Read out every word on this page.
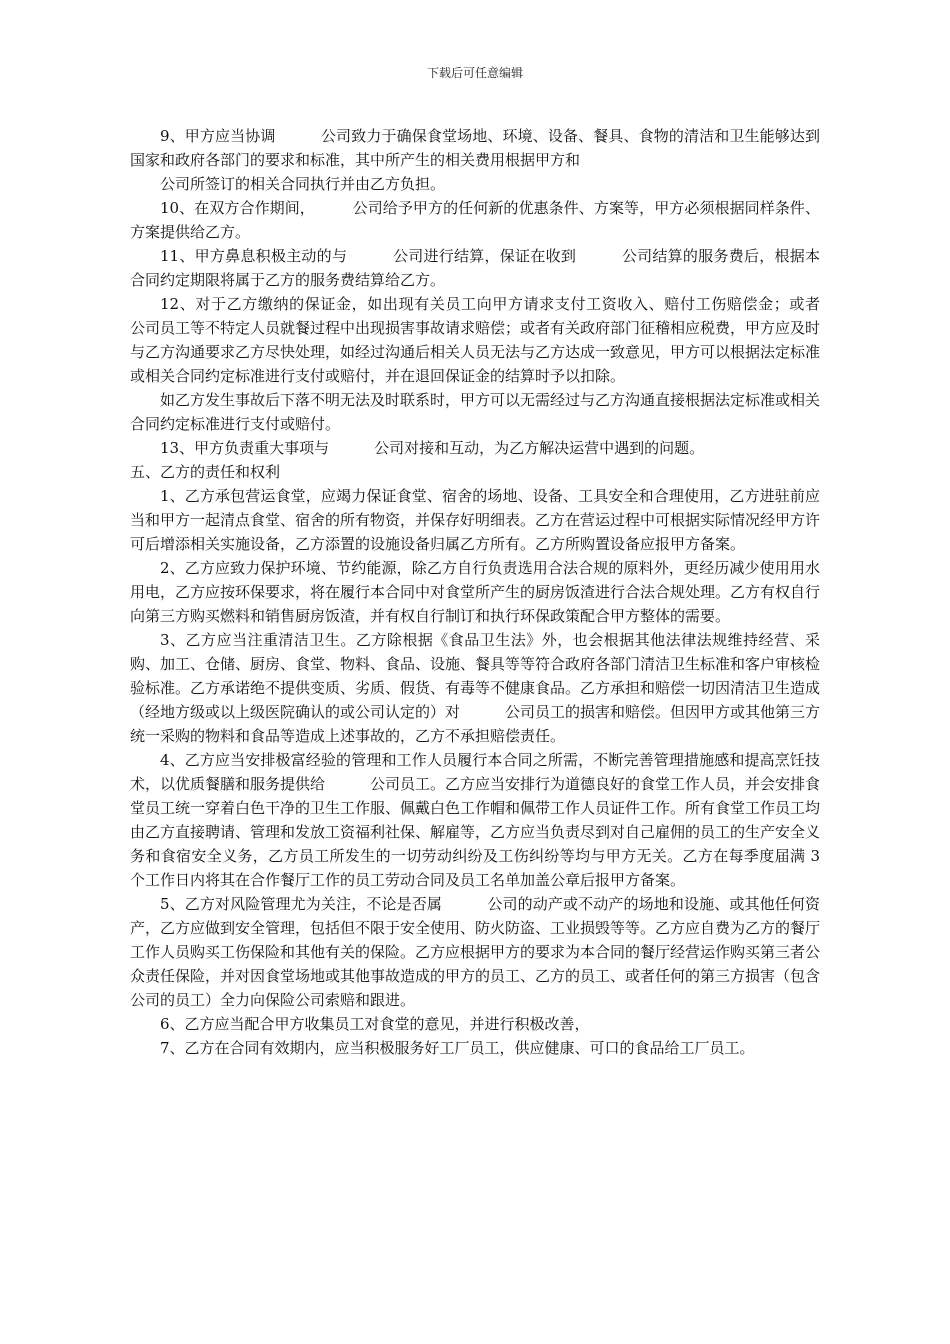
下载后可任意编辑

9、甲方应当协调　　　公司致力于确保食堂场地、环境、设备、餐具、食物的清洁和卫生能够达到国家和政府各部门的要求和标准，其中所产生的相关费用根据甲方和

公司所签订的相关合同执行并由乙方负担。

10、在双方合作期间，　　　公司给予甲方的任何新的优惠条件、方案等，甲方必须根据同样条件、方案提供给乙方。

11、甲方鼻息积极主动的与　　　公司进行结算，保证在收到　　　公司结算的服务费后，根据本合同约定期限将属于乙方的服务费结算给乙方。

12、对于乙方缴纳的保证金，如出现有关员工向甲方请求支付工资收入、赔付工伤赔偿金；或者　　　公司员工等不特定人员就餐过程中出现损害事故请求赔偿；或者有关政府部门征稽相应税费，甲方应及时与乙方沟通要求乙方尽快处理，如经过沟通后相关人员无法与乙方达成一致意见，甲方可以根据法定标准或相关合同约定标准进行支付或赔付，并在退回保证金的结算时予以扣除。

如乙方发生事故后下落不明无法及时联系时，甲方可以无需经过与乙方沟通直接根据法定标准或相关合同约定标准进行支付或赔付。

13、甲方负责重大事项与　　　公司对接和互动，为乙方解决运营中遇到的问题。

五、乙方的责任和权利

1、乙方承包营运食堂，应竭力保证食堂、宿舍的场地、设备、工具安全和合理使用，乙方进驻前应当和甲方一起清点食堂、宿舍的所有物资，并保存好明细表。乙方在营运过程中可根据实际情况经甲方许可后增添相关实施设备，乙方添置的设施设备归属乙方所有。乙方所购置设备应报甲方备案。

2、乙方应致力保护环境、节约能源，除乙方自行负责选用合法合规的原料外，更经历减少使用用水用电，乙方应按环保要求，将在履行本合同中对食堂所产生的厨房饭渣进行合法合规处理。乙方有权自行向第三方购买燃料和销售厨房饭渣，并有权自行制订和执行环保政策配合甲方整体的需要。

3、乙方应当注重清洁卫生。乙方除根据《食品卫生法》外，也会根据其他法律法规维持经营、采购、加工、仓储、厨房、食堂、物料、食品、设施、餐具等等符合政府各部门清洁卫生标准和客户审核检验标准。乙方承诺绝不提供变质、劣质、假货、有毒等不健康食品。乙方承担和赔偿一切因清洁卫生造成（经地方级或以上级医院确认的或公司认定的）对　　　公司员工的损害和赔偿。但因甲方或其他第三方统一采购的物料和食品等造成上述事故的，乙方不承担赔偿责任。

4、乙方应当安排极富经验的管理和工作人员履行本合同之所需，不断完善管理措施感和提高烹饪技术，以优质餐膳和服务提供给　　　公司员工。乙方应当安排行为道德良好的食堂工作人员，并会安排食堂员工统一穿着白色干净的卫生工作服、佩戴白色工作帽和佩带工作人员证件工作。所有食堂工作员工均由乙方直接聘请、管理和发放工资福利社保、解雇等，乙方应当负责尽到对自己雇佣的员工的生产安全义务和食宿安全义务，乙方员工所发生的一切劳动纠纷及工伤纠纷等均与甲方无关。乙方在每季度届满 3 个工作日内将其在合作餐厅工作的员工劳动合同及员工名单加盖公章后报甲方备案。

5、乙方对风险管理尤为关注，不论是否属　　　公司的动产或不动产的场地和设施、或其他任何资产，乙方应做到安全管理，包括但不限于安全使用、防火防盗、工业损毁等等。乙方应自费为乙方的餐厅工作人员购买工伤保险和其他有关的保险。乙方应根据甲方的要求为本合同的餐厅经营运作购买第三者公众责任保险，并对因食堂场地或其他事故造成的甲方的员工、乙方的员工、或者任何的第三方损害（包含　　　公司的员工）全力向保险公司索赔和跟进。

6、乙方应当配合甲方收集员工对食堂的意见，并进行积极改善，

7、乙方在合同有效期内，应当积极服务好工厂员工，供应健康、可口的食品给工厂员工。
